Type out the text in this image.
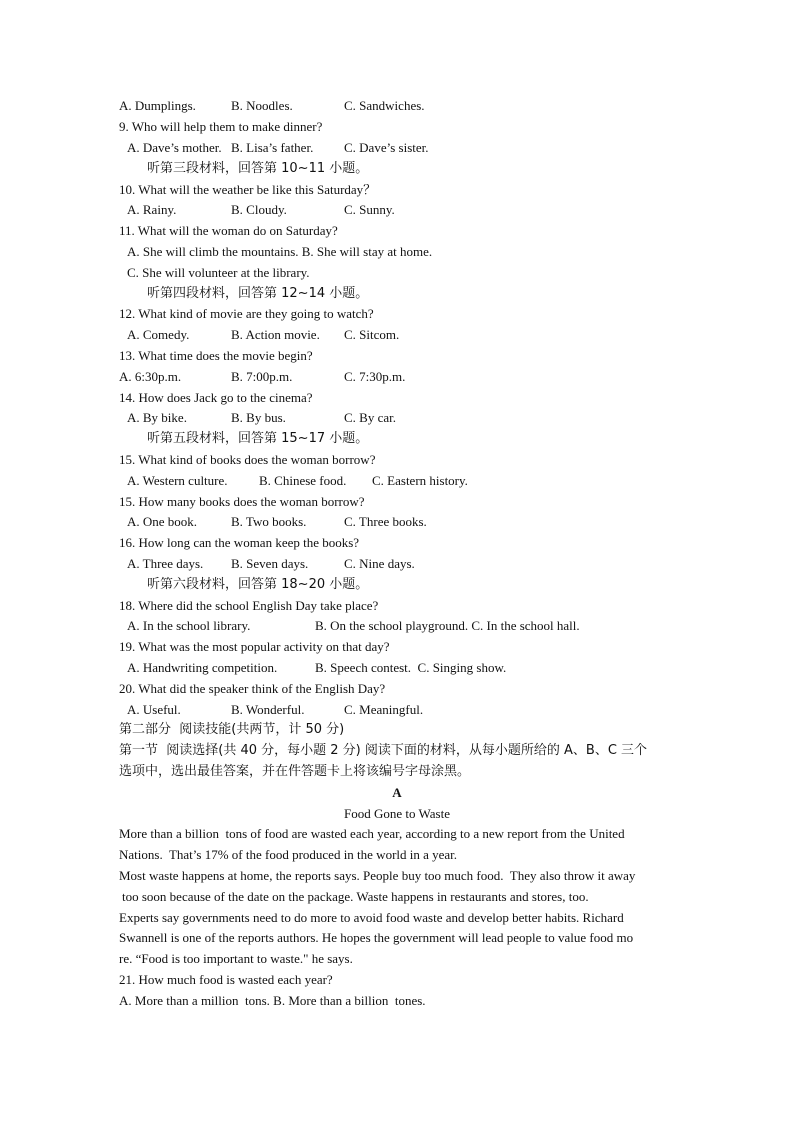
A. Dumplings.	B. Noodles.	C. Sandwiches.
9. Who will help them to make dinner?
A. Dave’s mother. B. Lisa’s father. C. Dave’s sister.
听第三段材料，回答第 10~11 小题。
10. What will the weather be like this Saturday？
A. Rainy.	B. Cloudy.	C. Sunny.
11. What will the woman do on Saturday?
A. She will climb the mountains. B. She will stay at home.
C. She will volunteer at the library.
听第四段材料，回答第 12~14 小题。
12. What kind of movie are they going to watch?
A. Comedy.	B. Action movie. C. Sitcom.
13. What time does the movie begin?
A. 6:30p.m.	B. 7:00p.m.	C. 7:30p.m.
14. How does Jack go to the cinema?
A. By bike.	B. By bus.	C. By car.
听第五段材料，回答第 15~17 小题。
15. What kind of books does the woman borrow?
A. Western culture. B. Chinese food. C. Eastern history.
15. How many books does the woman borrow?
A. One book.	B. Two books.	C. Three books.
16. How long can the woman keep the books?
A. Three days. B. Seven days.	C. Nine days.
听第六段材料，回答第 18~20 小题。
18. Where did the school English Day take place?
A. In the school library.	B. On the school playground. C. In the school hall.
19. What was the most popular activity on that day?
A. Handwriting competition.	B. Speech contest.  C. Singing show.
20. What did the speaker think of the English Day?
A. Useful.	B. Wonderful.	C. Meaningful.
第二部分  阅读技能(共两节，计 50 分)
第一节  阅读选择(共 40 分，每小题 2 分) 阅读下面的材料，从每小题所给的 A、B、C 三个
选项中，选出最佳答案，并在件答题卡上将该编号字母涂黑。
A
Food Gone to Waste
More than a billion  tons of food are wasted each year, according to a new report from the United
Nations.  That’s 17% of the food produced in the world in a year.
Most waste happens at home, the reports says. People buy too much food.  They also throw it away
too soon because of the date on the package. Waste happens in restaurants and stores, too.
Experts say governments need to do more to avoid food waste and develop better habits. Richard
Swannell is one of the reports authors. He hopes the government will lead people to value food mo
re. “Food is too important to waste." he says.
21. How much food is wasted each year?
A. More than a million  tons. B. More than a billion  tones.
